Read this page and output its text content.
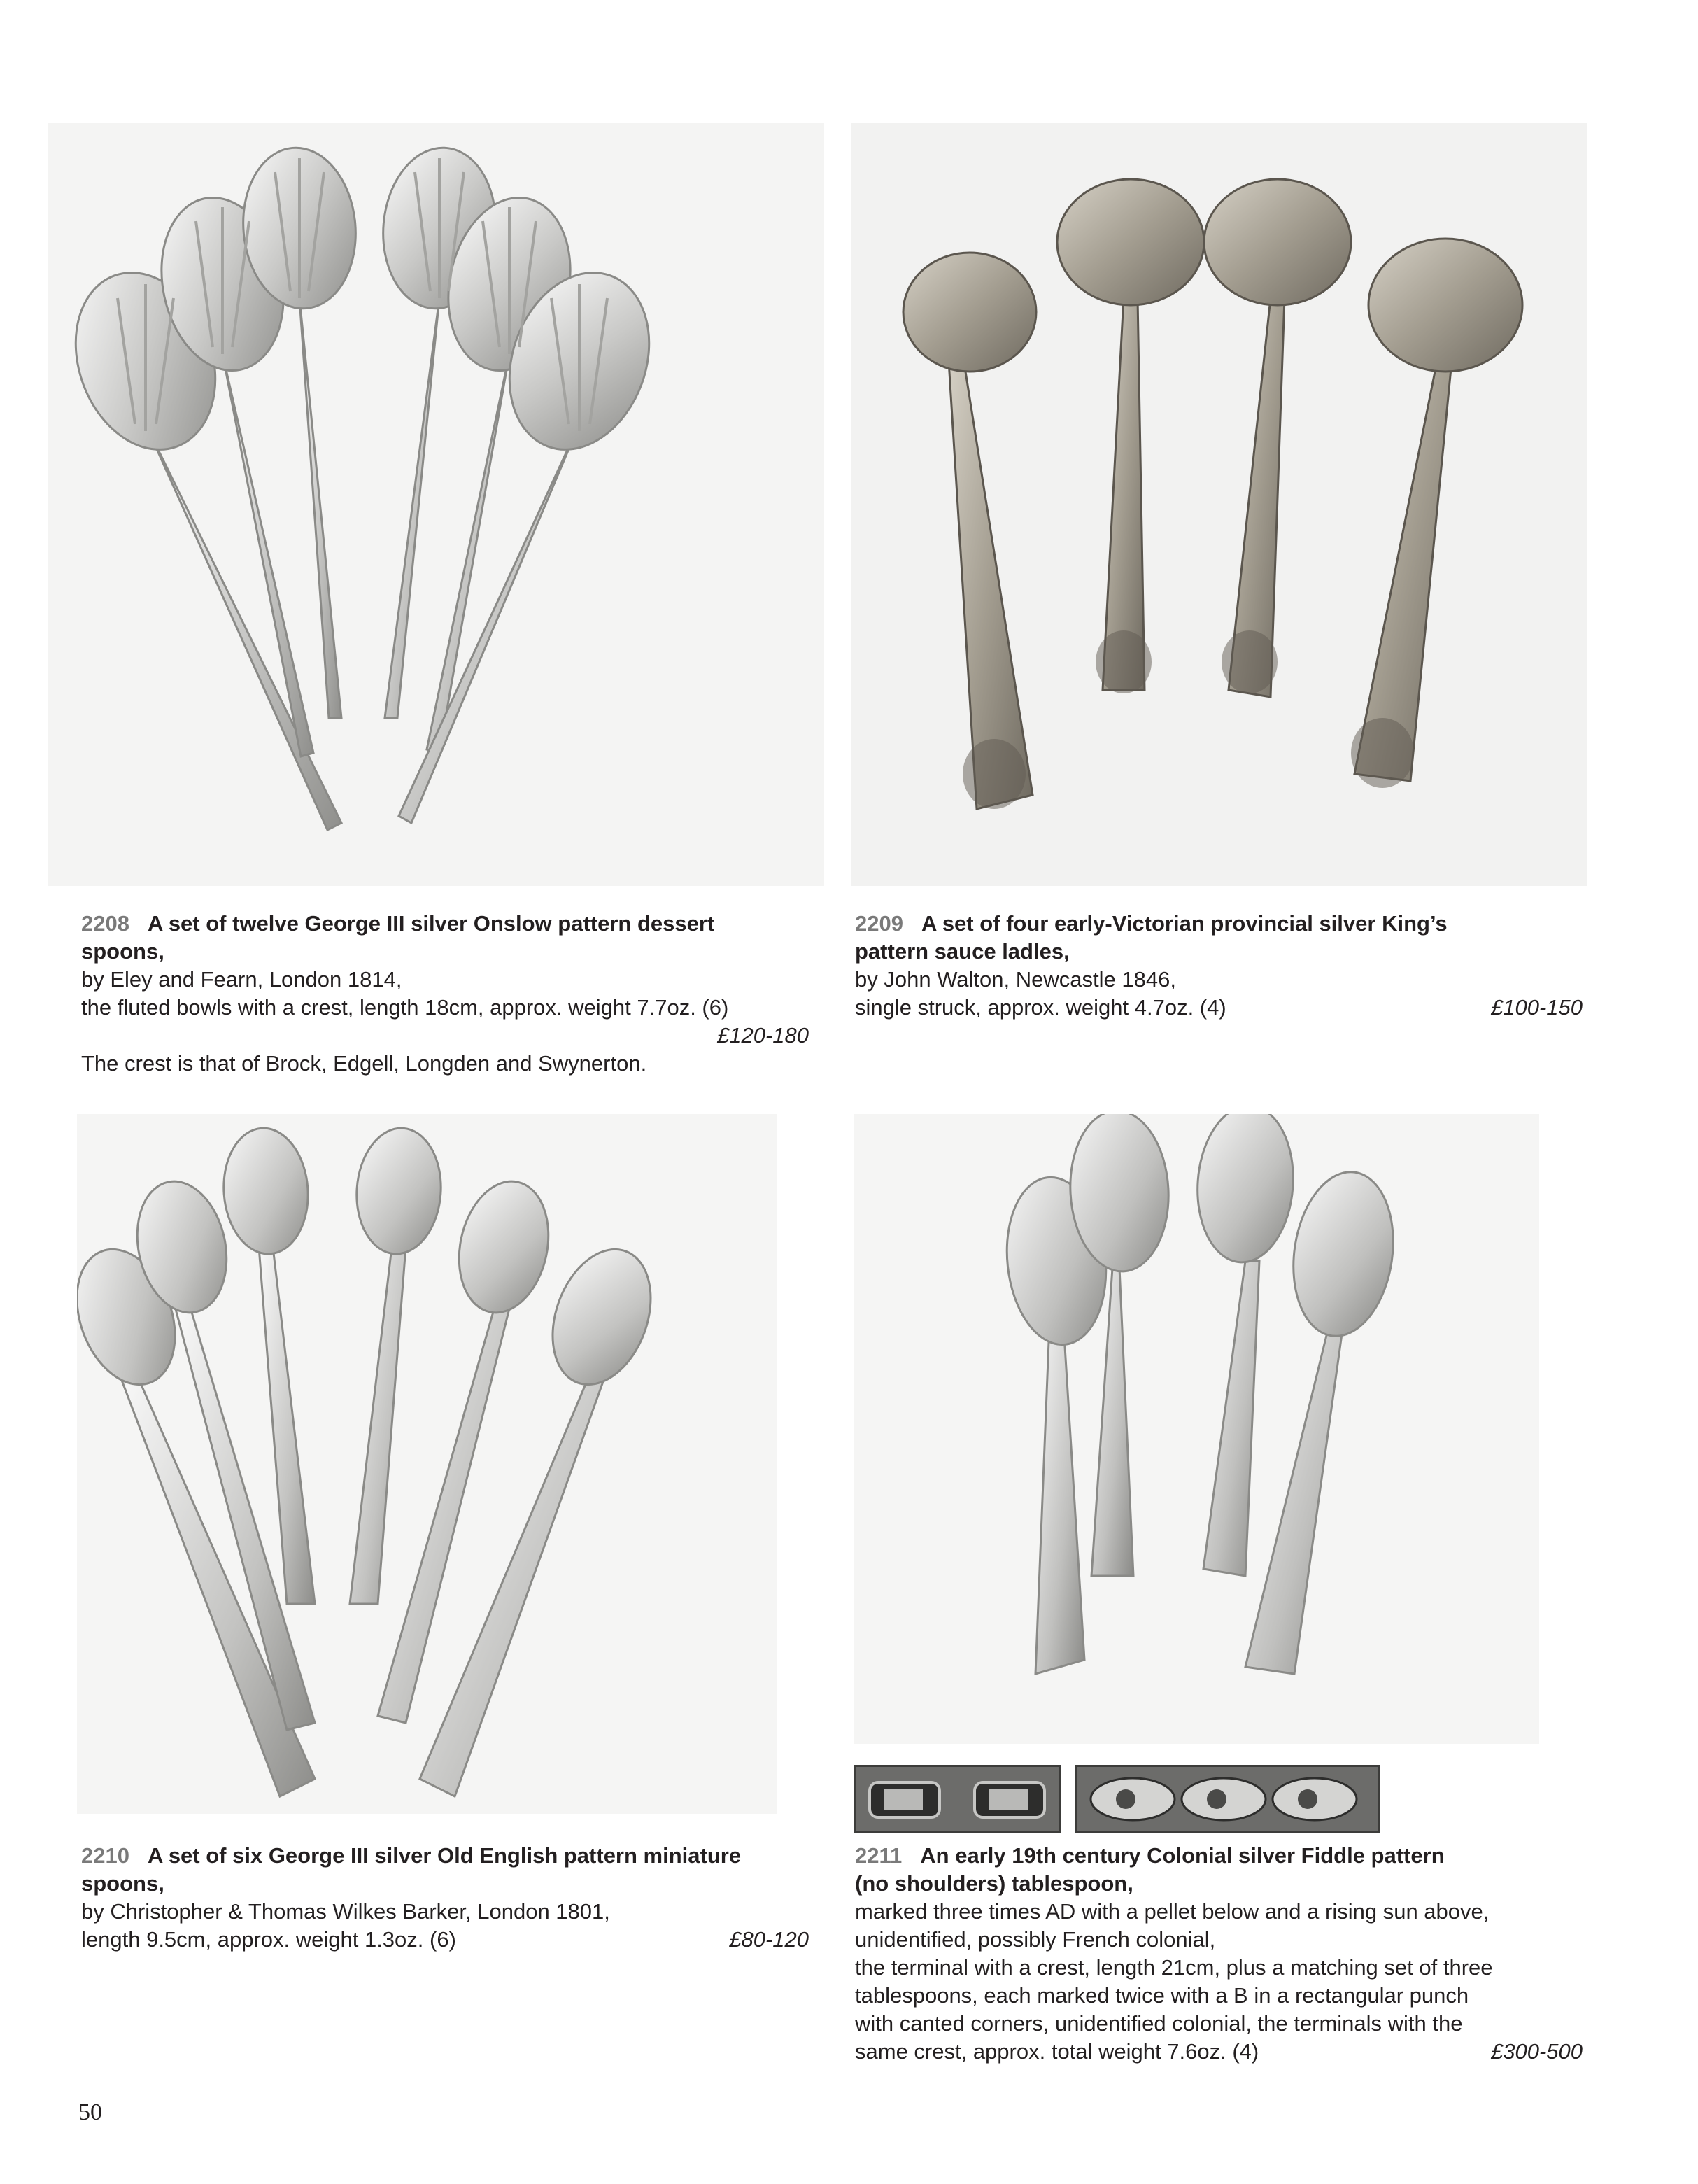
2208 A set of twelve George III silver Onslow pattern dessert
spoons,
by Eley and Fearn, London 1814,
the fluted bowls with a crest, length 18cm, approx. weight 7.7oz. (6)
£120-180
The crest is that of Brock, Edgell, Longden and Swynerton.
2209 A set of four early-Victorian provincial silver King’s
pattern sauce ladles,
by John Walton, Newcastle 1846,
single struck, approx. weight 4.7oz. (4)	£100-150
2210 A set of six George III silver Old English pattern miniature
spoons,
by Christopher & Thomas Wilkes Barker, London 1801,
length 9.5cm, approx. weight 1.3oz. (6)	£80-120
2211 An early 19th century Colonial silver Fiddle pattern
(no shoulders) tablespoon,
marked three times AD with a pellet below and a rising sun above,
unidentified, possibly French colonial,
the terminal with a crest, length 21cm, plus a matching set of three
tablespoons, each marked twice with a B in a rectangular punch
with canted corners, unidentified colonial, the terminals with the
same crest, approx. total weight 7.6oz. (4)	£300-500
50
